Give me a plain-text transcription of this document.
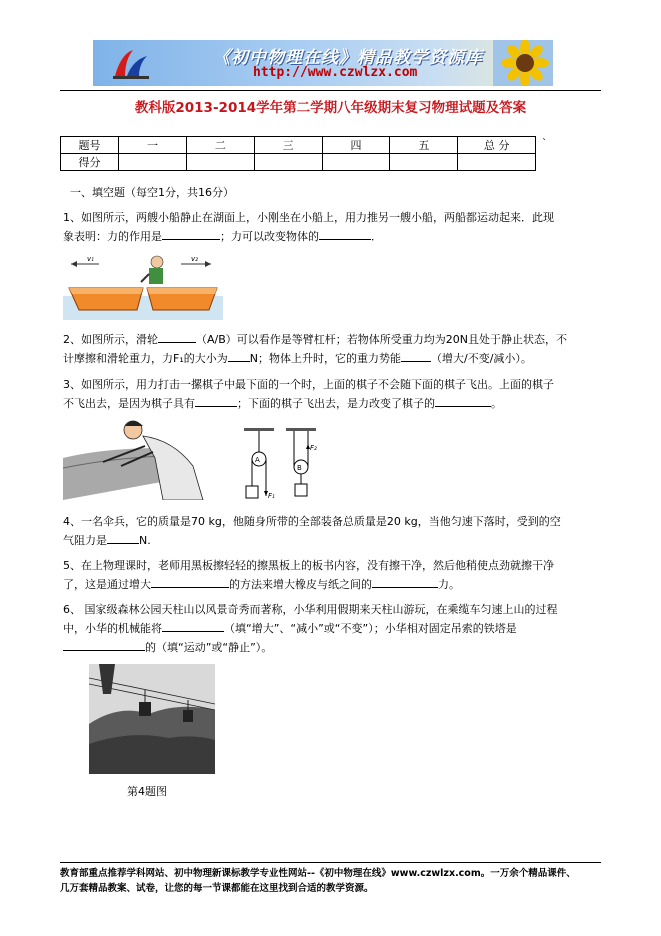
《初中物理在线》精品教学资源库
http://www.czwlzx.com
教科版2013-2014学年第二学期八年级期末复习物理试题及答案
题号	一	二	三	四	五	总 分
得分						
`
一、填空题（每空1分，共16分）
1、如图所示，两艘小船静止在湖面上，小刚坐在小船上，用力推另一艘小船，两船都运动起来．此现
象表明：力的作用是	；力可以改变物体的	．
v₁	v₂
2、如图所示，滑轮	（A/B）可以看作是等臂杠杆；若物体所受重力均为20N且处于静止状态，不
计摩擦和滑轮重力，力F₁的大小为 N；物体上升时，它的重力势能	（增大/不变/减小）。
3、如图所示，用力打击一摞棋子中最下面的一个时，上面的棋子不会随下面的棋子飞出。上面的棋子
不飞出去，是因为棋子具有	；下面的棋子飞出去，是力改变了棋子的	。
A
B
F₁
F₂
4、一名伞兵，它的质量是70 kg，他随身所带的全部装备总质量是20 kg，当他匀速下落时，受到的空
气阻力是	N.
5、在上物理课时，老师用黑板擦轻轻的擦黑板上的板书内容，没有擦干净，然后他稍使点劲就擦干净
了，这是通过增大	的方法来增大橡皮与纸之间的	力。
6、 国家级森林公园天柱山以风景奇秀而著称，小华利用假期来天柱山游玩，在乘缆车匀速上山的过程
中，小华的机械能将	（填“增大”、“减小”或“不变”）；小华相对固定吊索的铁塔是
的（填“运动”或“静止”）。
第4题图
教育部重点推荐学科网站、初中物理新课标教学专业性网站--《初中物理在线》www.czwlzx.com。一万余个精品课件、
几万套精品教案、试卷，让您的每一节课都能在这里找到合适的教学资源。
